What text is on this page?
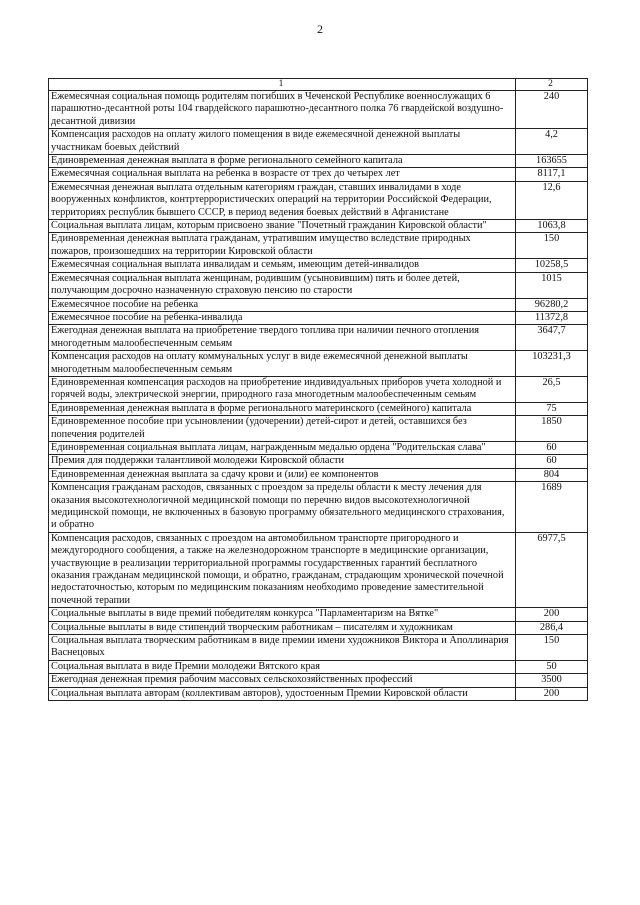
2
1	2
Ежемесячная социальная помощь родителям погибших в Чеченской Республике военнослужащих 6 парашютно-десантной роты 104 гвардейского парашютно-десантного полка 76 гвардейской воздушно-десантной дивизии	240
Компенсация расходов на оплату жилого помещения в виде ежемесячной денежной выплаты участникам боевых действий	4,2
Единовременная денежная выплата в форме регионального семейного капитала	163655
Ежемесячная социальная выплата на ребенка в возрасте от трех до четырех лет	8117,1
Ежемесячная денежная выплата отдельным категориям граждан, ставших инвалидами в ходе вооруженных конфликтов, контртеррористических операций на территории Российской Федерации, территориях республик бывшего СССР, в период ведения боевых действий в Афганистане	12,6
Социальная выплата лицам, которым присвоено звание "Почетный гражданин Кировской области"	1063,8
Единовременная денежная выплата гражданам, утратившим имущество вследствие природных пожаров, произошедших на территории Кировской области	150
Ежемесячная социальная выплата инвалидам и семьям, имеющим детей-инвалидов	10258,5
Ежемесячная социальная выплата женщинам, родившим (усыновившим) пять и более детей, получающим досрочно назначенную страховую пенсию по старости	1015
Ежемесячное пособие на ребенка	96280,2
Ежемесячное пособие на ребенка-инвалида	11372,8
Ежегодная денежная выплата на приобретение твердого топлива при наличии печного отопления многодетным малообеспеченным семьям	3647,7
Компенсация расходов на оплату коммунальных услуг в виде ежемесячной денежной выплаты многодетным малообеспеченным семьям	103231,3
Единовременная компенсация расходов на приобретение индивидуальных приборов учета холодной и горячей воды, электрической энергии, природного газа многодетным малообеспеченным семьям	26,5
Единовременная денежная выплата в форме регионального материнского (семейного) капитала	75
Единовременное пособие при усыновлении (удочерении) детей-сирот и детей, оставшихся без попечения родителей	1850
Единовременная социальная выплата лицам, награжденным медалью ордена "Родительская слава"	60
Премия для поддержки талантливой молодежи Кировской области	60
Единовременная денежная выплата за сдачу крови и (или) ее компонентов	804
Компенсация гражданам расходов, связанных с проездом за пределы области к месту лечения для оказания высокотехнологичной медицинской помощи по перечню видов высокотехнологичной медицинской помощи, не включенных в базовую программу обязательного медицинского страхования, и обратно	1689
Компенсация расходов, связанных с проездом на автомобильном транспорте пригородного и междугородного сообщения, а также на железнодорожном транспорте в медицинские организации, участвующие в реализации территориальной программы государственных гарантий бесплатного оказания гражданам медицинской помощи, и обратно, гражданам, страдающим хронической почечной недостаточностью, которым по медицинским показаниям необходимо проведение заместительной почечной терапии	6977,5
Социальные выплаты в виде премий победителям конкурса "Парламентаризм на Вятке"	200
Социальные выплаты в виде стипендий творческим работникам – писателям и художникам	286,4
Социальная выплата творческим работникам в виде премии имени художников Виктора и Аполлинария Васнецовых	150
Социальная выплата в виде Премии молодежи Вятского края	50
Ежегодная денежная премия рабочим массовых сельскохозяйственных профессий	3500
Социальная выплата авторам (коллективам авторов), удостоенным Премии Кировской области	200
